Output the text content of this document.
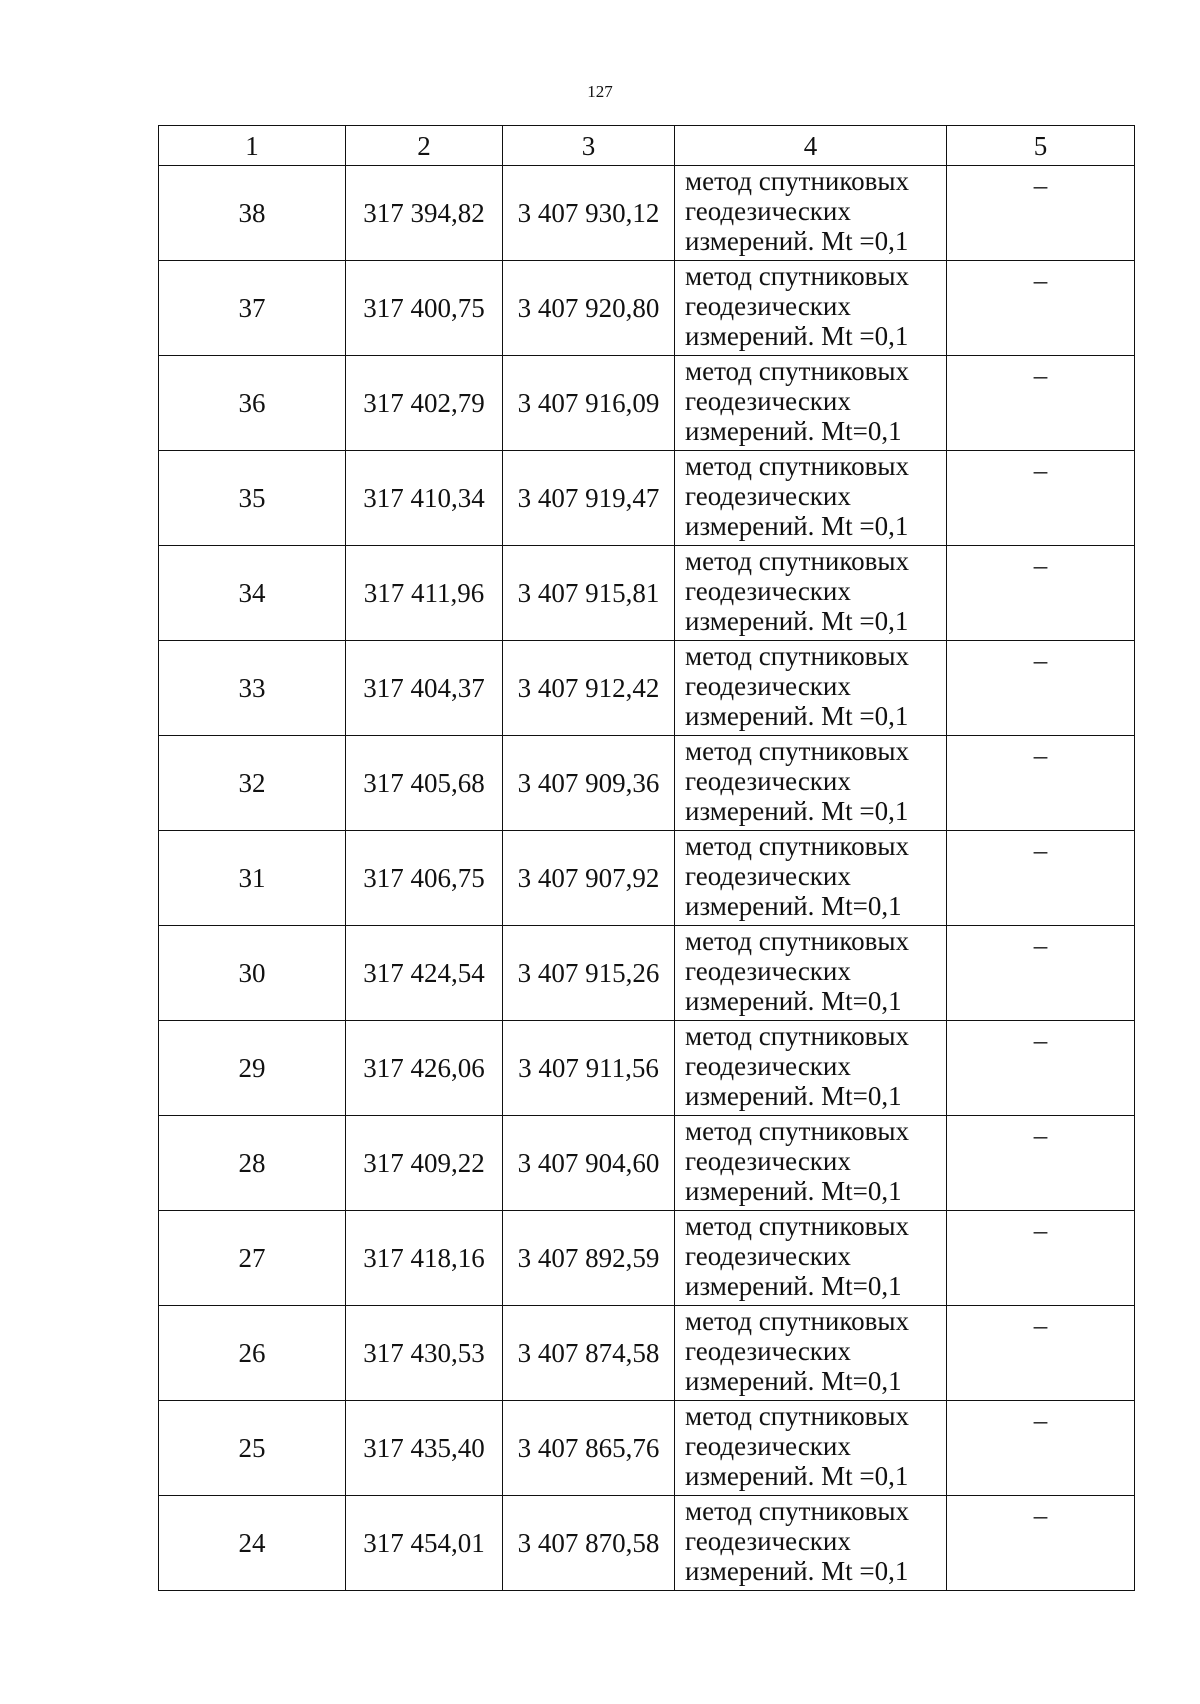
127
1	2	3	4	5
38	317 394,82	3 407 930,12	метод спутниковых
геодезических
измерений. Mt =0,1	–
37	317 400,75	3 407 920,80	метод спутниковых
геодезических
измерений. Mt =0,1	–
36	317 402,79	3 407 916,09	метод спутниковых
геодезических
измерений. Mt=0,1	–
35	317 410,34	3 407 919,47	метод спутниковых
геодезических
измерений. Mt =0,1	–
34	317 411,96	3 407 915,81	метод спутниковых
геодезических
измерений. Mt =0,1	–
33	317 404,37	3 407 912,42	метод спутниковых
геодезических
измерений. Mt =0,1	–
32	317 405,68	3 407 909,36	метод спутниковых
геодезических
измерений. Mt =0,1	–
31	317 406,75	3 407 907,92	метод спутниковых
геодезических
измерений. Mt=0,1	–
30	317 424,54	3 407 915,26	метод спутниковых
геодезических
измерений. Mt=0,1	–
29	317 426,06	3 407 911,56	метод спутниковых
геодезических
измерений. Mt=0,1	–
28	317 409,22	3 407 904,60	метод спутниковых
геодезических
измерений. Mt=0,1	–
27	317 418,16	3 407 892,59	метод спутниковых
геодезических
измерений. Mt=0,1	–
26	317 430,53	3 407 874,58	метод спутниковых
геодезических
измерений. Mt=0,1	–
25	317 435,40	3 407 865,76	метод спутниковых
геодезических
измерений. Mt =0,1	–
24	317 454,01	3 407 870,58	метод спутниковых
геодезических
измерений. Mt =0,1	–
